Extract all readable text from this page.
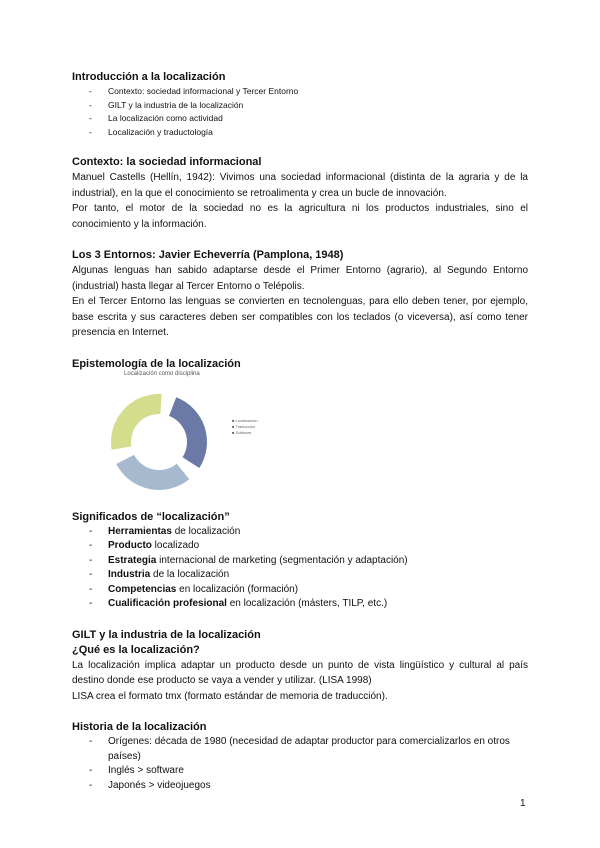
Introducción a la localización
- Contexto: sociedad informacional y Tercer Entorno
- GILT y la industria de la localización
- La localización como actividad
- Localización y traductología
Contexto: la sociedad informacional

Manuel Castells (Hellín, 1942): Vivimos una sociedad informacional (distinta de la agraria y de la industrial), en la que el conocimiento se retroalimenta y crea un bucle de innovación.

Por tanto, el motor de la sociedad no es la agricultura ni los productos industriales, sino el conocimiento y la información.

Los 3 Entornos: Javier Echeverría (Pamplona, 1948)

Algunas lenguas han sabido adaptarse desde el Primer Entorno (agrario), al Segundo Entorno (industrial) hasta llegar al Tercer Entorno o Telépolis.

En el Tercer Entorno las lenguas se convierten en tecnolenguas, para ello deben tener, por ejemplo, base escrita y sus caracteres deben ser compatibles con los teclados (o viceversa), así como tener presencia en Internet.

Epistemología de la localización
Localización como disciplina
■ Localización
■ Traducción
■ Software
Significados de “localización”
- Herramientas de localización
- Producto localizado
- Estrategia internacional de marketing (segmentación y adaptación)
- Industria de la localización
- Competencias en localización (formación)
- Cualificación profesional en localización (másters, TILP, etc.)
GILT y la industria de la localización
¿Qué es la localización?

La localización implica adaptar un producto desde un punto de vista lingüístico y cultural al país destino donde ese producto se vaya a vender y utilizar. (LISA 1998)

LISA crea el formato tmx (formato estándar de memoria de traducción).

Historia de la localización
- Orígenes: década de 1980 (necesidad de adaptar productor para comercializarlos en otros países)
- Inglés > software
- Japonés > videojuegos
1
